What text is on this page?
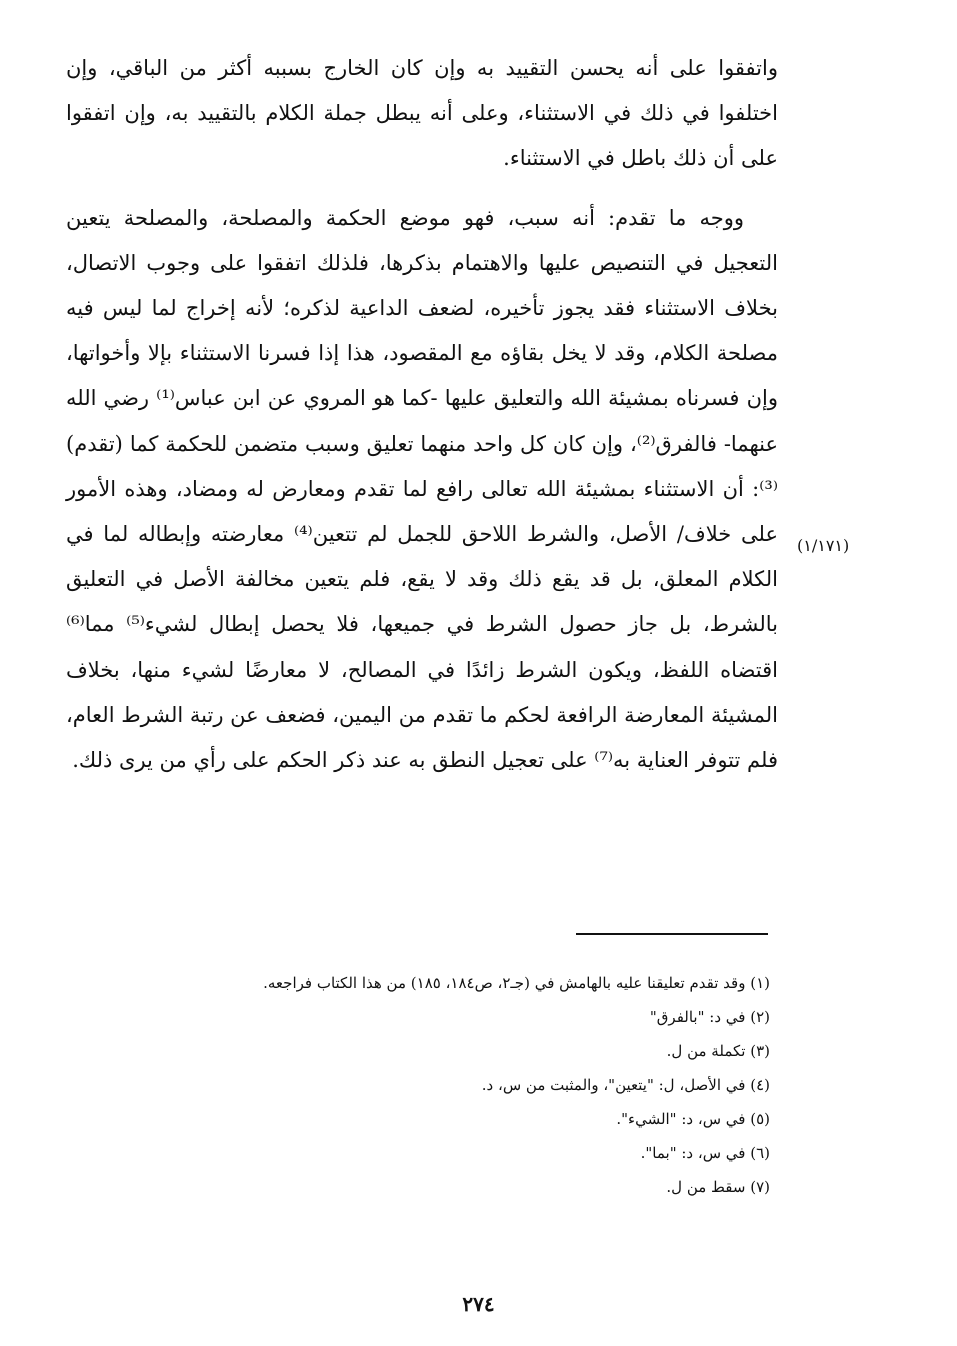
واتفقوا على أنه يحسن التقييد به وإن كان الخارج بسببه أكثر من الباقي، وإن اختلفوا في ذلك في الاستثناء، وعلى أنه يبطل جملة الكلام بالتقييد به، وإن اتفقوا على أن ذلك باطل في الاستثناء.

ووجه ما تقدم: أنه سبب، فهو موضع الحكمة والمصلحة، والمصلحة يتعين التعجيل في التنصيص عليها والاهتمام بذكرها، فلذلك اتفقوا على وجوب الاتصال، بخلاف الاستثناء فقد يجوز تأخيره، لضعف الداعية لذكره؛ لأنه إخراج لما ليس فيه مصلحة الكلام، وقد لا يخل بقاؤه مع المقصود، هذا إذا فسرنا الاستثناء بإلا وأخواتها، وإن فسرناه بمشيئة الله والتعليق عليها -كما هو المروي عن ابن عباس⁽¹⁾ رضي الله عنهما- فالفرق⁽²⁾، وإن كان كل واحد منهما تعليق وسبب متضمن للحكمة كما (تقدم)⁽³⁾: أن الاستثناء بمشيئة الله تعالى رافع لما تقدم ومعارض له ومضاد، وهذه الأمور على خلاف/ الأصل، والشرط اللاحق للجمل لم تتعين⁽⁴⁾ معارضته وإبطاله لما في الكلام المعلق، بل قد يقع ذلك وقد لا يقع، فلم يتعين مخالفة الأصل في التعليق بالشرط، بل جاز حصول الشرط في جميعها، فلا يحصل إبطال لشيء⁽⁵⁾ مما⁽⁶⁾ اقتضاه اللفظ، ويكون الشرط زائدًا في المصالح، لا معارضًا لشيء منها، بخلاف المشيئة المعارضة الرافعة لحكم ما تقدم من اليمين، فضعف عن رتبة الشرط العام، فلم تتوفر العناية به⁽⁷⁾ على تعجيل النطق به عند ذكر الحكم على رأي من يرى ذلك.

(١/١٧١)
(١) وقد تقدم تعليقنا عليه بالهامش في (جـ٢، ص١٨٤، ١٨٥) من هذا الكتاب فراجعه.
(٢) في د: "بالفرق"
(٣) تكملة من ل.
(٤) في الأصل، ل: "يتعين"، والمثبت من س، د.
(٥) في س، د: "الشيء".
(٦) في س، د: "بما".
(٧) سقط من ل.
٢٧٤
